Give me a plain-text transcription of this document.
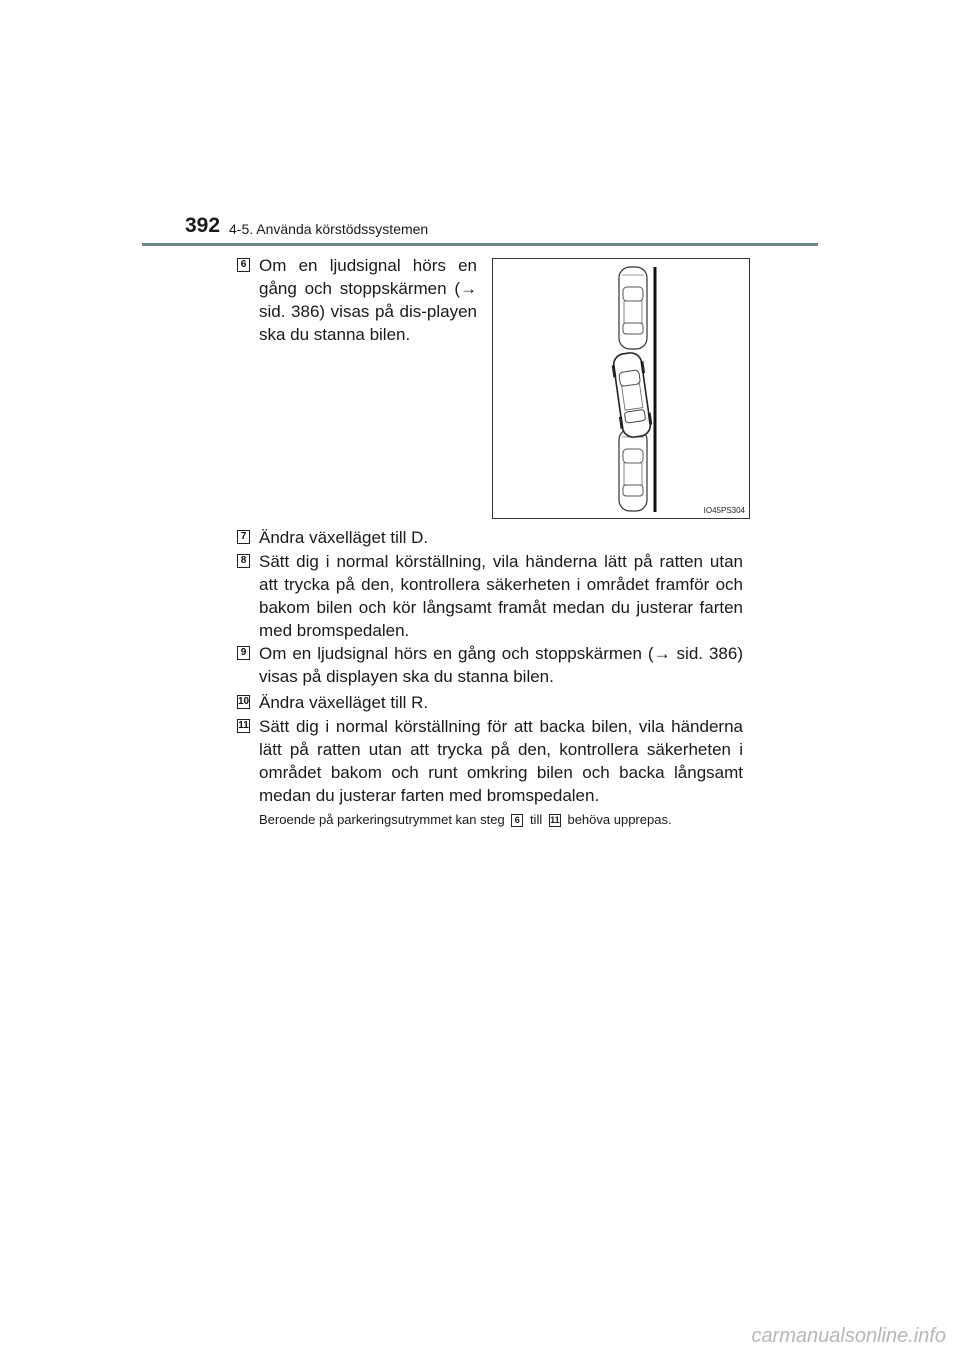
392 4-5. Använda körstödssystemen
6 Om en ljudsignal hörs en gång och stoppskärmen (→ sid. 386) visas på dis-playen ska du stanna bilen.
IO45PS304
7 Ändra växelläget till D.
8 Sätt dig i normal körställning, vila händerna lätt på ratten utan att trycka på den, kontrollera säkerheten i området framför och bakom bilen och kör långsamt framåt medan du justerar farten med bromspedalen.
9 Om en ljudsignal hörs en gång och stoppskärmen (→ sid. 386) visas på displayen ska du stanna bilen.
10 Ändra växelläget till R.
11 Sätt dig i normal körställning för att backa bilen, vila händerna lätt på ratten utan att trycka på den, kontrollera säkerheten i området bakom och runt omkring bilen och backa långsamt medan du justerar farten med bromspedalen.
Beroende på parkeringsutrymmet kan steg 6 till 11 behöva upprepas.
carmanualsonline.info
